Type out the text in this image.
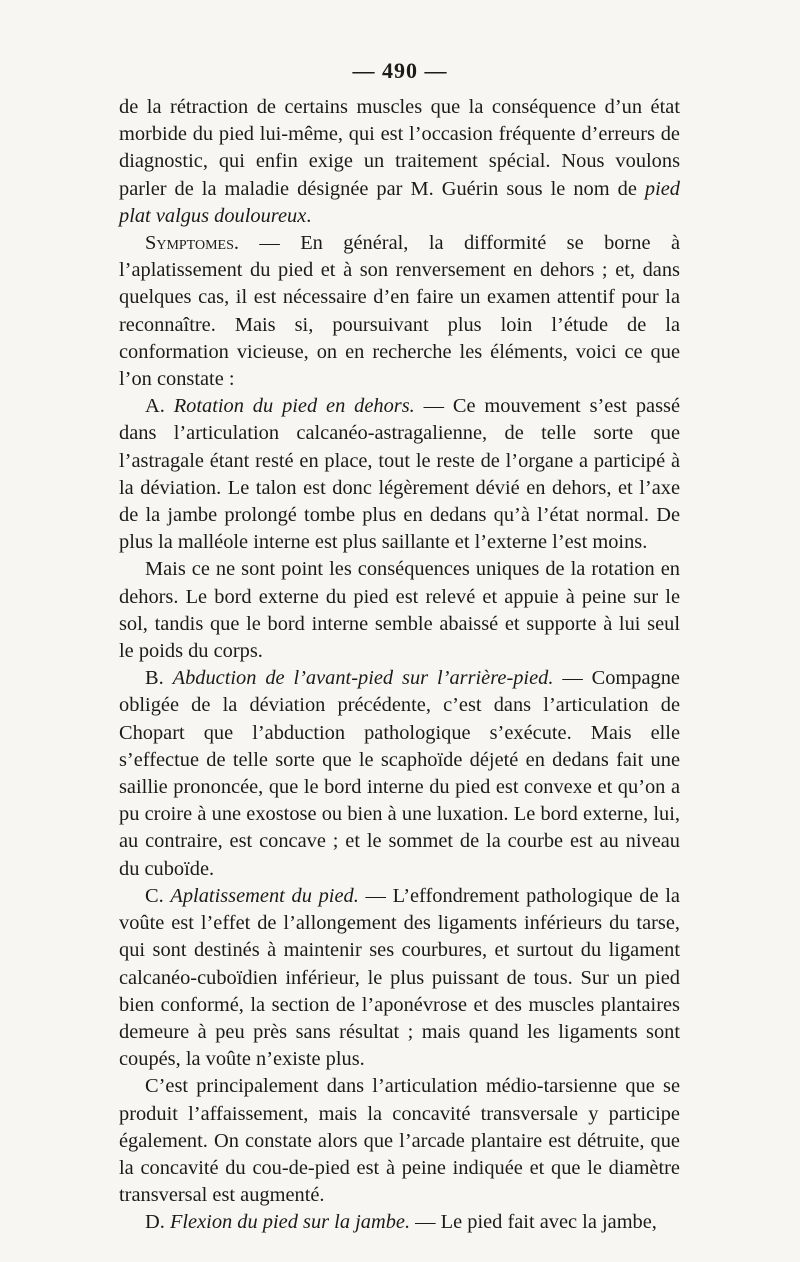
— 490 —

de la rétraction de certains muscles que la conséquence d’un état morbide du pied lui-même, qui est l’occasion fréquente d’erreurs de diagnostic, qui enfin exige un traitement spécial. Nous voulons parler de la maladie désignée par M. Guérin sous le nom de pied plat valgus douloureux.

Symptomes. — En général, la difformité se borne à l’aplatissement du pied et à son renversement en dehors ; et, dans quelques cas, il est nécessaire d’en faire un examen attentif pour la reconnaître. Mais si, poursuivant plus loin l’étude de la conformation vicieuse, on en recherche les éléments, voici ce que l’on constate :

A. Rotation du pied en dehors. — Ce mouvement s’est passé dans l’articulation calcanéo-astragalienne, de telle sorte que l’astragale étant resté en place, tout le reste de l’organe a participé à la déviation. Le talon est donc légèrement dévié en dehors, et l’axe de la jambe prolongé tombe plus en dedans qu’à l’état normal. De plus la malléole interne est plus saillante et l’externe l’est moins.

Mais ce ne sont point les conséquences uniques de la rotation en dehors. Le bord externe du pied est relevé et appuie à peine sur le sol, tandis que le bord interne semble abaissé et supporte à lui seul le poids du corps.

B. Abduction de l’avant-pied sur l’arrière-pied. — Compagne obligée de la déviation précédente, c’est dans l’articulation de Chopart que l’abduction pathologique s’exécute. Mais elle s’effectue de telle sorte que le scaphoïde déjeté en dedans fait une saillie prononcée, que le bord interne du pied est convexe et qu’on a pu croire à une exostose ou bien à une luxation. Le bord externe, lui, au contraire, est concave ; et le sommet de la courbe est au niveau du cuboïde.

C. Aplatissement du pied. — L’effondrement pathologique de la voûte est l’effet de l’allongement des ligaments inférieurs du tarse, qui sont destinés à maintenir ses courbures, et surtout du ligament calcanéo-cuboïdien inférieur, le plus puissant de tous. Sur un pied bien conformé, la section de l’aponévrose et des muscles plantaires demeure à peu près sans résultat ; mais quand les ligaments sont coupés, la voûte n’existe plus.

C’est principalement dans l’articulation médio-tarsienne que se produit l’affaissement, mais la concavité transversale y participe également. On constate alors que l’arcade plantaire est détruite, que la concavité du cou-de-pied est à peine indiquée et que le diamètre transversal est augmenté.

D. Flexion du pied sur la jambe. — Le pied fait avec la jambe,
